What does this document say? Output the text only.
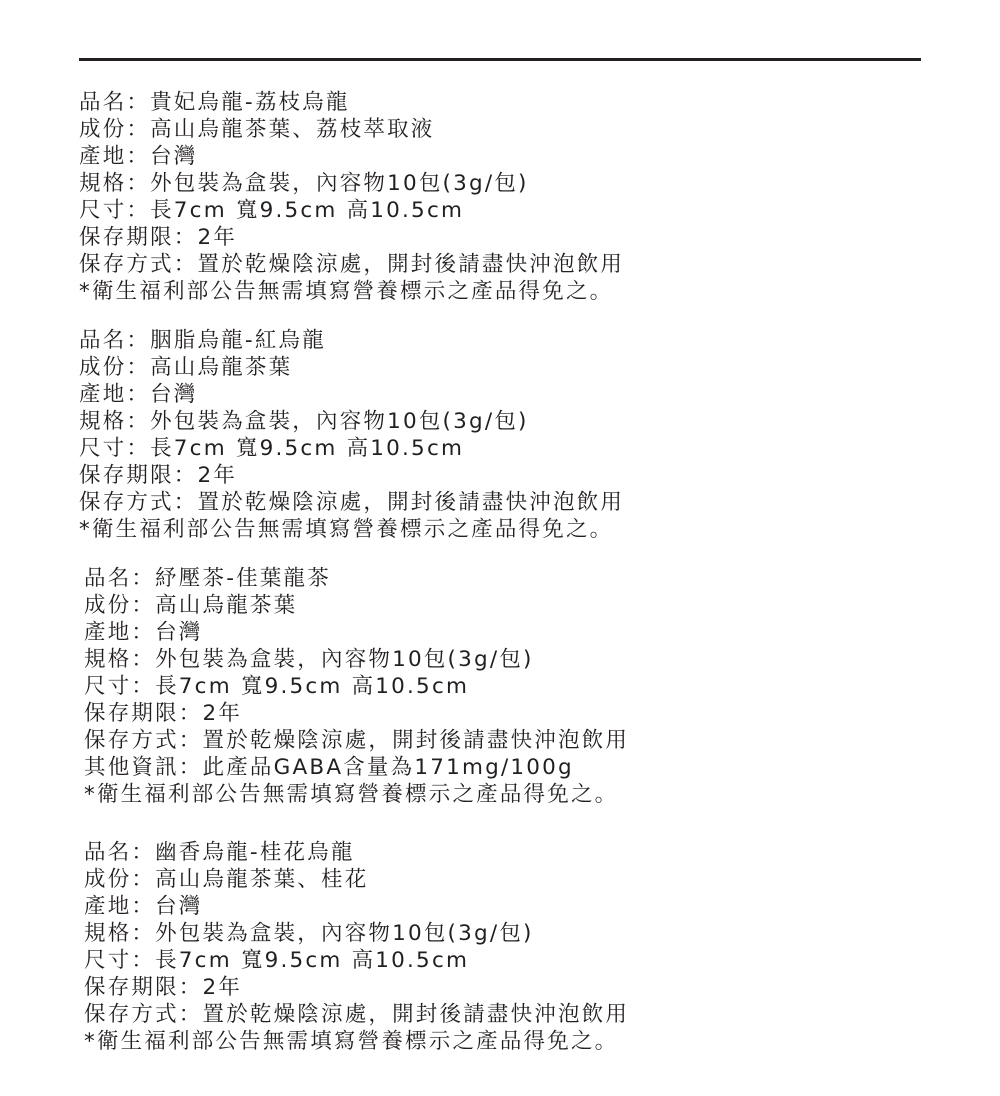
品名：貴妃烏龍-荔枝烏龍
成份：高山烏龍茶葉、荔枝萃取液
產地：台灣
規格：外包裝為盒裝，內容物10包(3g/包)
尺寸：長7cm 寬9.5cm 高10.5cm
保存期限：2年
保存方式：置於乾燥陰涼處，開封後請盡快沖泡飲用
*衛生福利部公告無需填寫營養標示之產品得免之。
品名：胭脂烏龍-紅烏龍
成份：高山烏龍茶葉
產地：台灣
規格：外包裝為盒裝，內容物10包(3g/包)
尺寸：長7cm 寬9.5cm 高10.5cm
保存期限：2年
保存方式：置於乾燥陰涼處，開封後請盡快沖泡飲用
*衛生福利部公告無需填寫營養標示之產品得免之。
品名：紓壓茶-佳葉龍茶
成份：高山烏龍茶葉
產地：台灣
規格：外包裝為盒裝，內容物10包(3g/包)
尺寸：長7cm 寬9.5cm 高10.5cm
保存期限：2年
保存方式：置於乾燥陰涼處，開封後請盡快沖泡飲用
其他資訊：此產品GABA含量為171mg/100g
*衛生福利部公告無需填寫營養標示之產品得免之。
品名：幽香烏龍-桂花烏龍
成份：高山烏龍茶葉、桂花
產地：台灣
規格：外包裝為盒裝，內容物10包(3g/包)
尺寸：長7cm 寬9.5cm 高10.5cm
保存期限：2年
保存方式：置於乾燥陰涼處，開封後請盡快沖泡飲用
*衛生福利部公告無需填寫營養標示之產品得免之。
